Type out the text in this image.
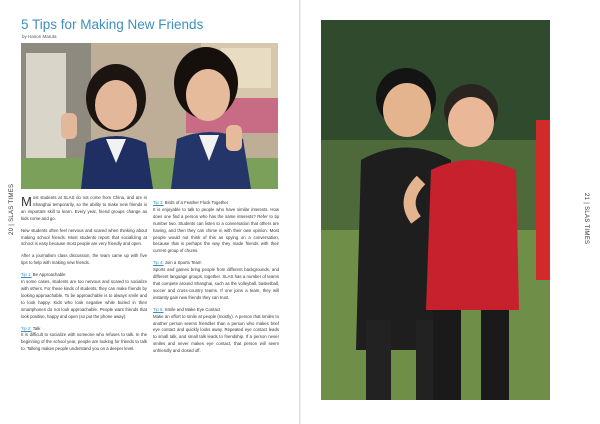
5 Tips for Making New Friends
by Hanon Maruta
20 | SLAS TIMES	21 | SLAS TIMES

Most students at SLAS do not come from China, and are in Shanghai temporarily, so the ability to make new friends is an important skill to learn. Every year, friend groups change as kids come and go.

New students often feel nervous and scared when thinking about making school friends. Most students report that socializing at school is easy because most people are very friendly and open.

After a journalism class discussion, the team came up with five tips to help with making new friends.

Tip 1: Be Approachable
In some cases, students are too nervous and scared to socialize with others. For these kinds of students, they can make friends by looking approachable. To be approachable is to always smile and to look happy. Kids who look negative while buried in their smartphones do not look approachable. People want friends that look positive, happy and open (so put the phone away).

Tip 2: Talk
It is difficult to socialize with someone who refuses to talk. In the beginning of the school year, people are looking for friends to talk to. Talking makes people understand you on a deeper level.

Tip 3: Birds of a Feather Flock Together
It is enjoyable to talk to people who have similar interests. How does one find a person who has the same interests? Refer to tip number two. Students can listen to a conversation that others are having, and then they can chime in with their own opinion. Most people would not think of this as spying on a conversation, because that is perhaps the way they made friends with their current group of chums.

Tip 4: Join a Sports Team
Sports and games bring people from different backgrounds, and different language groups, together. SLAS has a number of teams that compete around Shanghai, such as the volleyball, basketball, soccer and cross-country teams. If one joins a team, they will instantly gain new friends they can trust.

Tip 5: Smile and Make Eye Contact
Make an effort to smile at people (mostly). A person that smiles to another person seems friendlier than a person who makes brief eye contact and quickly looks away. Repeated eye contact leads to small talk, and small talk leads to friendship. If a person never smiles and never makes eye contact, that person will seem unfriendly and closed off.
